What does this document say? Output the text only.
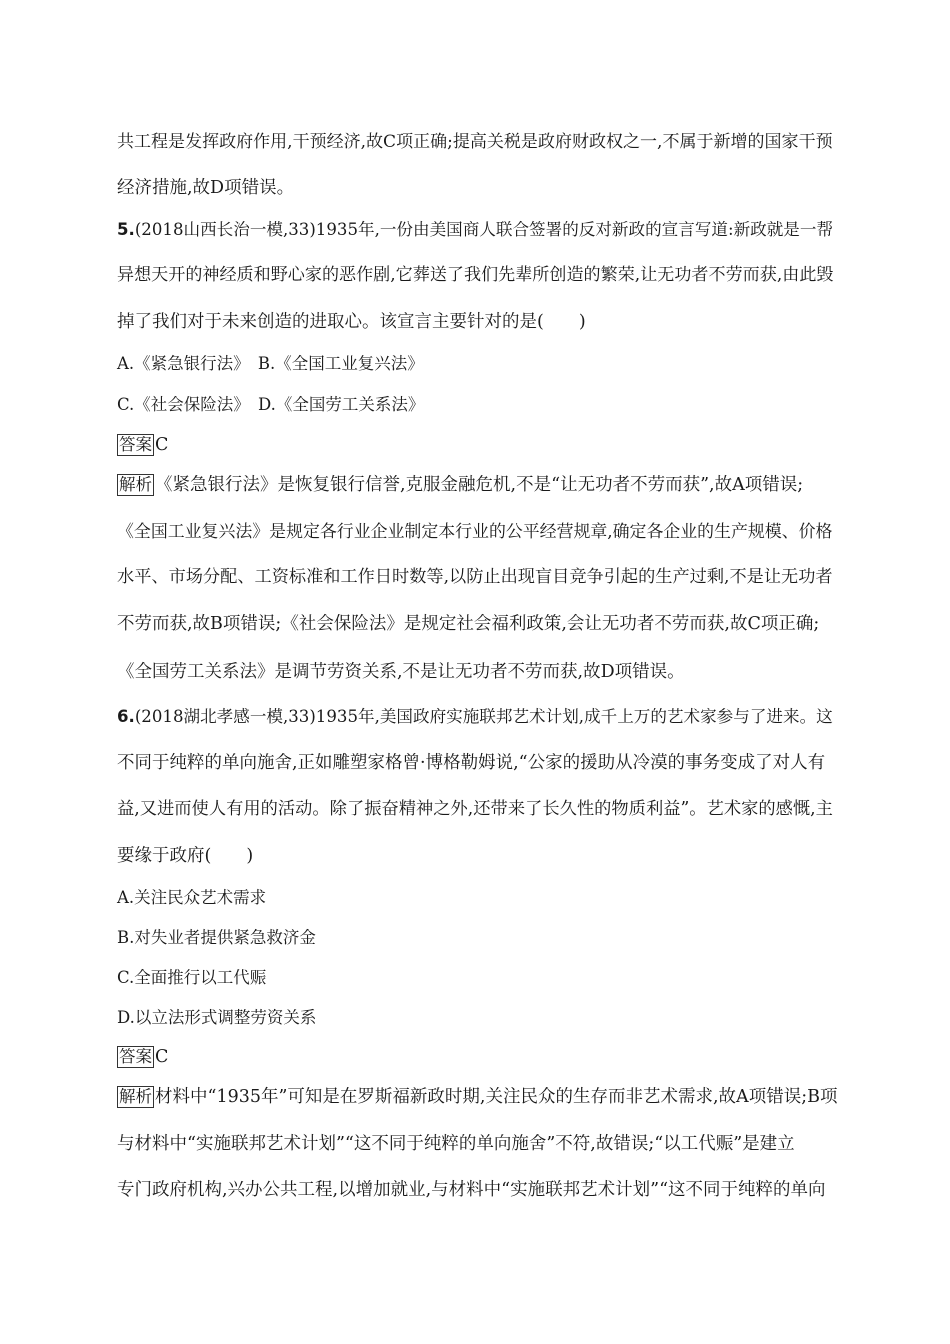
共工程是发挥政府作用,干预经济,故C项正确;提高关税是政府财政权之一,不属于新增的国家干预
经济措施,故D项错误。
5.(2018山西长治一模,33)1935年,一份由美国商人联合签署的反对新政的宣言写道:新政就是一帮
异想天开的神经质和野心家的恶作剧,它葬送了我们先辈所创造的繁荣,让无功者不劳而获,由此毁
掉了我们对于未来创造的进取心。该宣言主要针对的是(　　)
A.《紧急银行法》　B.《全国工业复兴法》
C.《社会保险法》　D.《全国劳工关系法》
答案 C
解析 《紧急银行法》是恢复银行信誉,克服金融危机,不是“让无功者不劳而获”,故A项错误;
《全国工业复兴法》是规定各行业企业制定本行业的公平经营规章,确定各企业的生产规模、价格
水平、市场分配、工资标准和工作日时数等,以防止出现盲目竞争引起的生产过剩,不是让无功者
不劳而获,故B项错误;《社会保险法》是规定社会福利政策,会让无功者不劳而获,故C项正确;
《全国劳工关系法》是调节劳资关系,不是让无功者不劳而获,故D项错误。
6.(2018湖北孝感一模,33)1935年,美国政府实施联邦艺术计划,成千上万的艺术家参与了进来。这
不同于纯粹的单向施舍,正如雕塑家格曾·博格勒姆说,“公家的援助从冷漠的事务变成了对人有
益,又进而使人有用的活动。除了振奋精神之外,还带来了长久性的物质利益”。艺术家的感慨,主
要缘于政府(　　)
A.关注民众艺术需求
B.对失业者提供紧急救济金
C.全面推行以工代赈
D.以立法形式调整劳资关系
答案 C
解析 材料中“1935年”可知是在罗斯福新政时期,关注民众的生存而非艺术需求,故A项错误;B项
与材料中“实施联邦艺术计划”“这不同于纯粹的单向施舍”不符,故错误;“以工代赈”是建立
专门政府机构,兴办公共工程,以增加就业,与材料中“实施联邦艺术计划”“这不同于纯粹的单向
